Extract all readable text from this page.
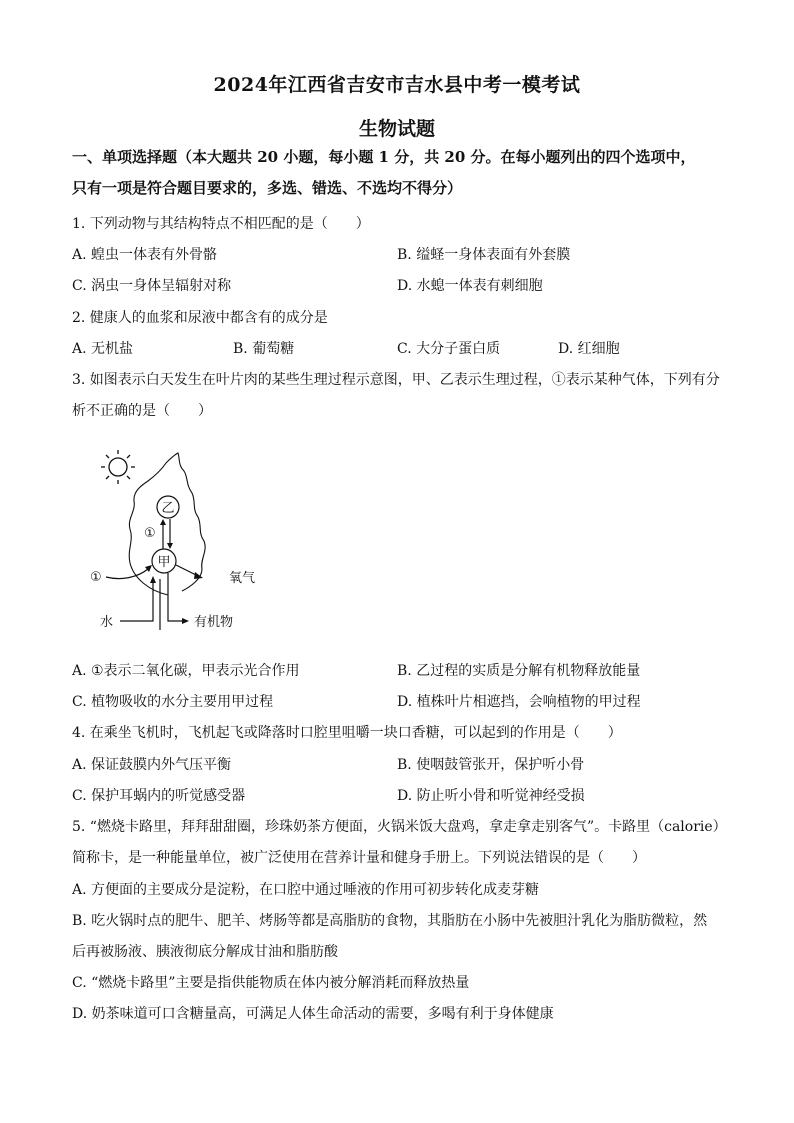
2024年江西省吉安市吉水县中考一模考试
生物试题
一、单项选择题（本大题共 20 小题，每小题 1 分，共 20 分。在每小题列出的四个选项中，
只有一项是符合题目要求的，多选、错选、不选均不得分）
1. 下列动物与其结构特点不相匹配的是（　　）
A. 蝗虫一体表有外骨骼	B. 缢蛏一身体表面有外套膜
C. 涡虫一身体呈辐射对称	D. 水螅一体表有刺细胞
2. 健康人的血浆和尿液中都含有的成分是
A. 无机盐	B. 葡萄糖	C. 大分子蛋白质	D. 红细胞
3. 如图表示白天发生在叶片肉的某些生理过程示意图，甲、乙表示生理过程，①表示某种气体，下列有分
析不正确的是（　　）
乙
甲
①
①	氧气
水	有机物
A. ①表示二氧化碳，甲表示光合作用	B. 乙过程的实质是分解有机物释放能量
C. 植物吸收的水分主要用甲过程	D. 植株叶片相遮挡，会响植物的甲过程
4. 在乘坐飞机时，飞机起飞或降落时口腔里咀嚼一块口香糖，可以起到的作用是（　　）
A. 保证鼓膜内外气压平衡	B. 使咽鼓管张开，保护听小骨
C. 保护耳蜗内的听觉感受器	D. 防止听小骨和听觉神经受损
5. “燃烧卡路里，拜拜甜甜圈，珍珠奶茶方便面，火锅米饭大盘鸡，拿走拿走别客气”。卡路里（calorie）
简称卡，是一种能量单位，被广泛使用在营养计量和健身手册上。下列说法错误的是（　　）
A. 方便面的主要成分是淀粉，在口腔中通过唾液的作用可初步转化成麦芽糖
B. 吃火锅时点的肥牛、肥羊、烤肠等都是高脂肪的食物，其脂肪在小肠中先被胆汁乳化为脂肪微粒，然
后再被肠液、胰液彻底分解成甘油和脂肪酸
C. “燃烧卡路里”主要是指供能物质在体内被分解消耗而释放热量
D. 奶茶味道可口含糖量高，可满足人体生命活动的需要，多喝有利于身体健康
